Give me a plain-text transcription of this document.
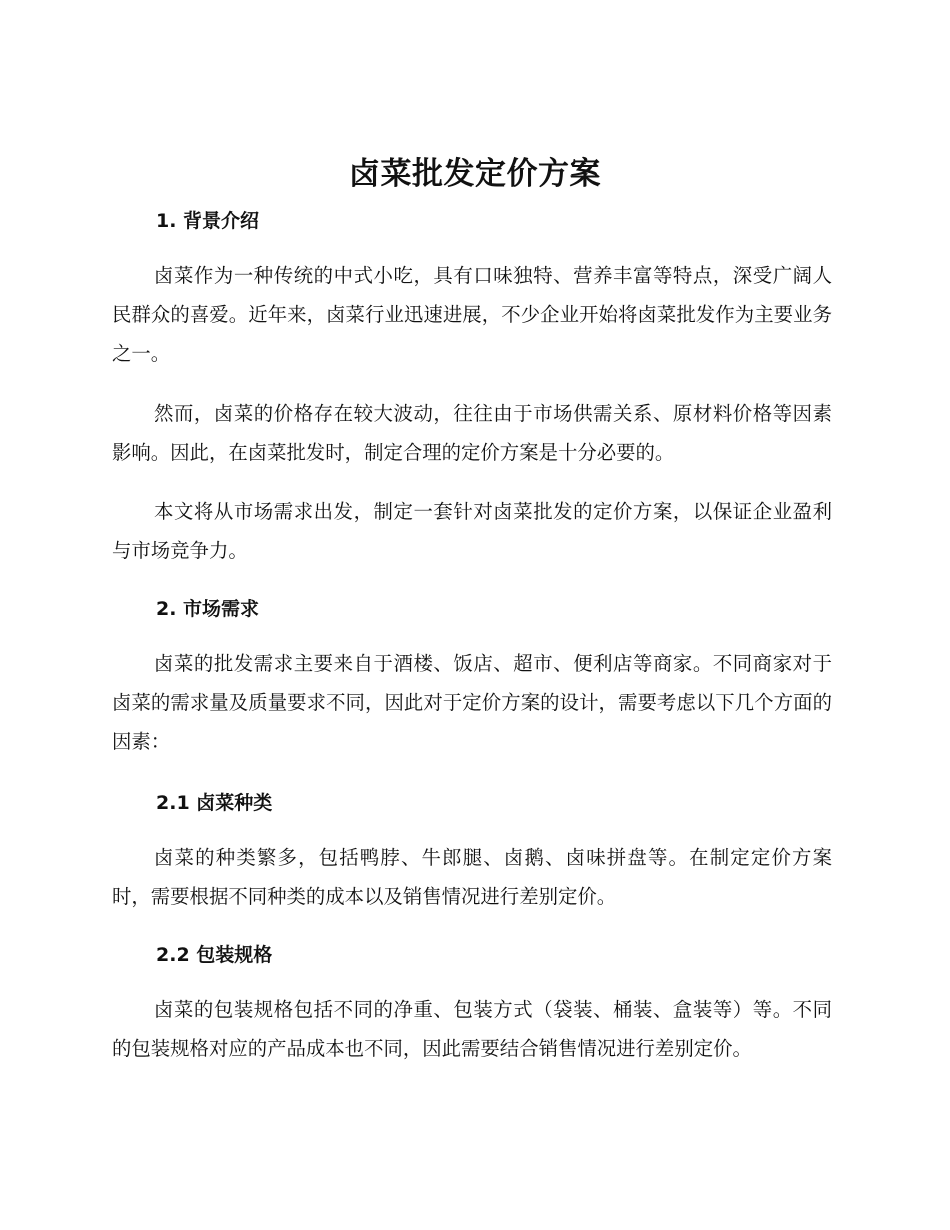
卤菜批发定价方案
1. 背景介绍

卤菜作为一种传统的中式小吃，具有口味独特、营养丰富等特点，深受广阔人民群众的喜爱。近年来，卤菜行业迅速进展，不少企业开始将卤菜批发作为主要业务之一。

然而，卤菜的价格存在较大波动，往往由于市场供需关系、原材料价格等因素影响。因此，在卤菜批发时，制定合理的定价方案是十分必要的。

本文将从市场需求出发，制定一套针对卤菜批发的定价方案，以保证企业盈利与市场竞争力。

2. 市场需求

卤菜的批发需求主要来自于酒楼、饭店、超市、便利店等商家。不同商家对于卤菜的需求量及质量要求不同，因此对于定价方案的设计，需要考虑以下几个方面的因素：

2.1 卤菜种类

卤菜的种类繁多，包括鸭脖、牛郎腿、卤鹅、卤味拼盘等。在制定定价方案时，需要根据不同种类的成本以及销售情况进行差别定价。

2.2 包装规格

卤菜的包装规格包括不同的净重、包装方式（袋装、桶装、盒装等）等。不同的包装规格对应的产品成本也不同，因此需要结合销售情况进行差别定价。
